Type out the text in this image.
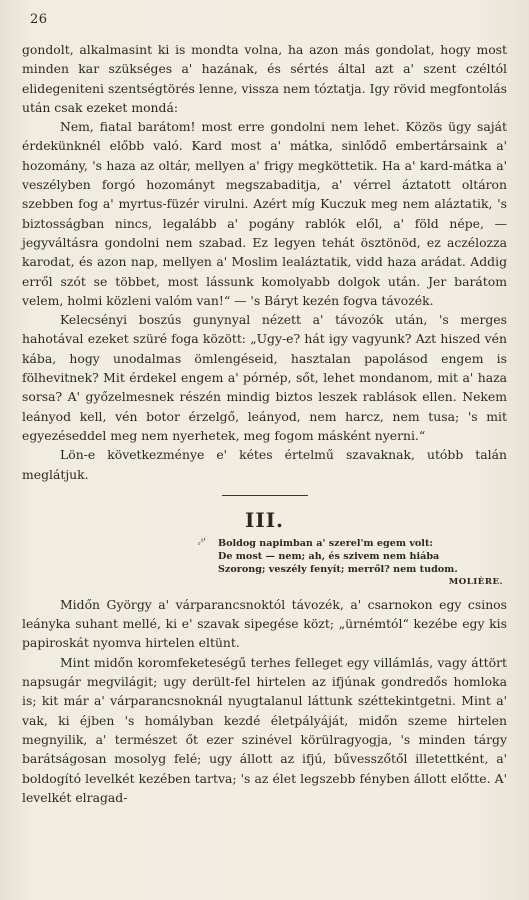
26

gondolt, alkalmasint ki is mondta volna, ha azon más gondolat, hogy most minden kar szükséges a' hazának, és sértés által azt a' szent czéltól elidegeniteni szentségtörés lenne, vissza nem tóztatja. Igy rövid megfontolás után csak ezeket mondá:

Nem, fiatal barátom! most erre gondolni nem lehet. Közös ügy saját érdekünknél előbb való. Kard most a' mátka, sinlődő embertársaink a' hozomány, 's haza az oltár, mellyen a' frigy megköttetik. Ha a' kard-mátka a' veszélyben forgó hozományt megszabaditja, a' vérrel áztatott oltáron szebben fog a' myrtus-füzér virulni. Azért míg Kuczuk meg nem aláztatik, 's biztosságban nincs, legalább a' pogány rablók elől, a' föld népe, — jegyváltásra gondolni nem szabad. Ez legyen tehát ösztönöd, ez aczélozza karodat, és azon nap, mellyen a' Moslim lealáztatik, vidd haza arádat. Addig erről szót se többet, most lássunk komolyabb dolgok után. Jer barátom velem, holmi közleni valóm van!“ — 's Báryt kezén fogva távozék.

Kelecsényi boszús gunynyal nézett a' távozók után, 's merges hahotával ezeket szüré foga között: „Ugy-e? hát igy vagyunk? Azt hiszed vén kába, hogy unodalmas ömlengéseid, hasztalan papolásod engem is fölhevitnek? Mit érdekel engem a' pórnép, sőt, lehet mondanom, mit a' haza sorsa? A' győzelmesnek részén mindig biztos leszek rablások ellen. Nekem leányod kell, vén botor érzelgő, leányod, nem harcz, nem tusa; 's mit egyezéseddel meg nem nyerhetek, meg fogom másként nyerni.“

Lön-e következménye e' kétes értelmű szavaknak, utóbb talán meglátjuk.

III.
ᵣᵗ' Boldog napimban a' szerel'm egem volt:
De most — nem; ah, és szivem nem hiába
Szorong; veszély fenyít; merről? nem tudom.
MOLIÈRE.

Midőn György a' várparancsnoktól távozék, a' csarnokon egy csinos leányka suhant mellé, ki e' szavak sipegése közt; „ürnémtól“ kezébe egy kis papiroskát nyomva hirtelen eltünt.

Mint midőn koromfeketeségű terhes felleget egy villámlás, vagy áttört napsugár megvilágit; ugy derült-fel hirtelen az ifjúnak gondredős homloka is; kit már a' várparancsnoknál nyugtalanul láttunk széttekintgetni. Mint a' vak, ki éjben 's homályban kezdé életpályáját, midőn szeme hirtelen megnyilik, a' természet őt ezer szinével körülragyogja, 's minden tárgy barátságosan mosolyg felé; ugy állott az ifjú, bűvesszőtől illetettként, a' boldogító levelkét kezében tartva; 's az élet legszebb fényben állott előtte. A' levelkét elragad-
